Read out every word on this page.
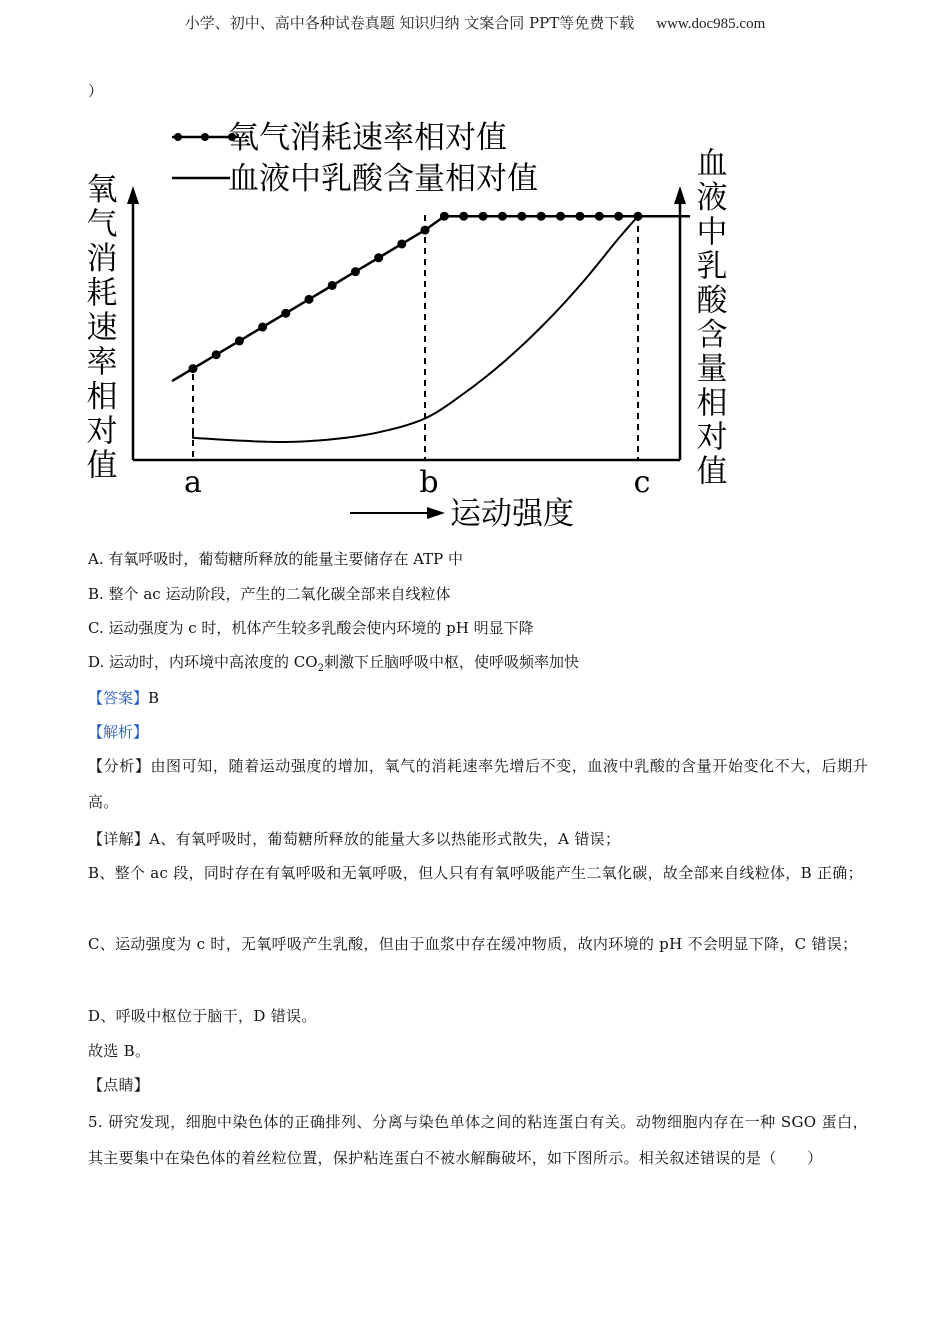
小学、初中、高中各种试卷真题 知识归纳 文案合同 PPT等免费下载 www.doc985.com
）
氧气消耗速率相对值
血液中乳酸含量相对值
氧气消耗速率相对值
血液中乳酸含量相对值
a	b	c
运动强度
A. 有氧呼吸时，葡萄糖所释放的能量主要储存在 ATP 中
B. 整个 ac 运动阶段，产生的二氧化碳全部来自线粒体
C. 运动强度为 c 时，机体产生较多乳酸会使内环境的 pH 明显下降
D. 运动时，内环境中高浓度的 $CO_2$刺激下丘脑呼吸中枢，使呼吸频率加快
【答案】B
【解析】
【分析】由图可知，随着运动强度的增加，氧气的消耗速率先增后不变，血液中乳酸的含量开始变化不大，后期升高。
【详解】A、有氧呼吸时，葡萄糖所释放的能量大多以热能形式散失，A 错误；
B、整个 ac 段，同时存在有氧呼吸和无氧呼吸，但人只有有氧呼吸能产生二氧化碳，故全部来自线粒体，B 正确；
C、运动强度为 c 时，无氧呼吸产生乳酸，但由于血浆中存在缓冲物质，故内环境的 pH 不会明显下降，C 错误；
D、呼吸中枢位于脑干，D 错误。
故选 B。
【点睛】
5. 研究发现，细胞中染色体的正确排列、分离与染色单体之间的粘连蛋白有关。动物细胞内存在一种 SGO 蛋白，其主要集中在染色体的着丝粒位置，保护粘连蛋白不被水解酶破坏，如下图所示。相关叙述错误的是（　　）
